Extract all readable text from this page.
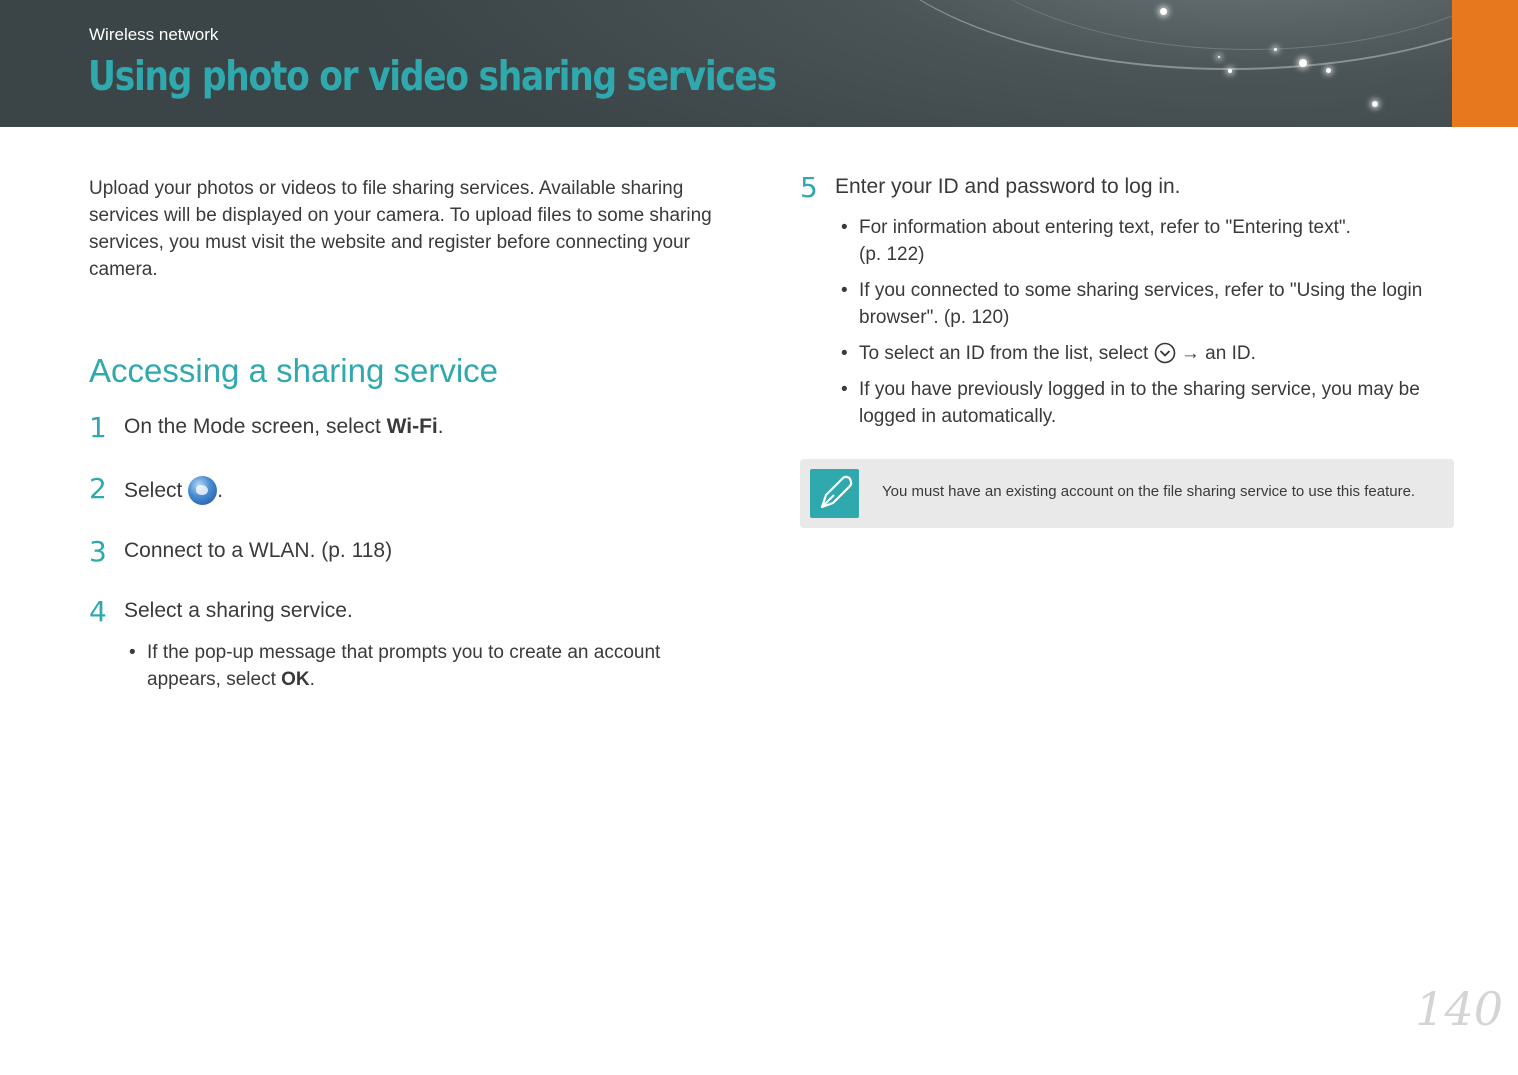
Wireless network
Using photo or video sharing services
Upload your photos or videos to file sharing services. Available sharing services will be displayed on your camera. To upload files to some sharing services, you must visit the website and register before connecting your camera.
Accessing a sharing service
1 On the Mode screen, select Wi-Fi.
2 Select .
3 Connect to a WLAN. (p. 118)
4 Select a sharing service.
• If the pop-up message that prompts you to create an account appears, select OK.
5 Enter your ID and password to log in.
• For information about entering text, refer to "Entering text".
(p. 122)
• If you connected to some sharing services, refer to "Using the login browser". (p. 120)
• To select an ID from the list, select  → an ID.
• If you have previously logged in to the sharing service, you may be logged in automatically.
You must have an existing account on the file sharing service to use this feature.
140
